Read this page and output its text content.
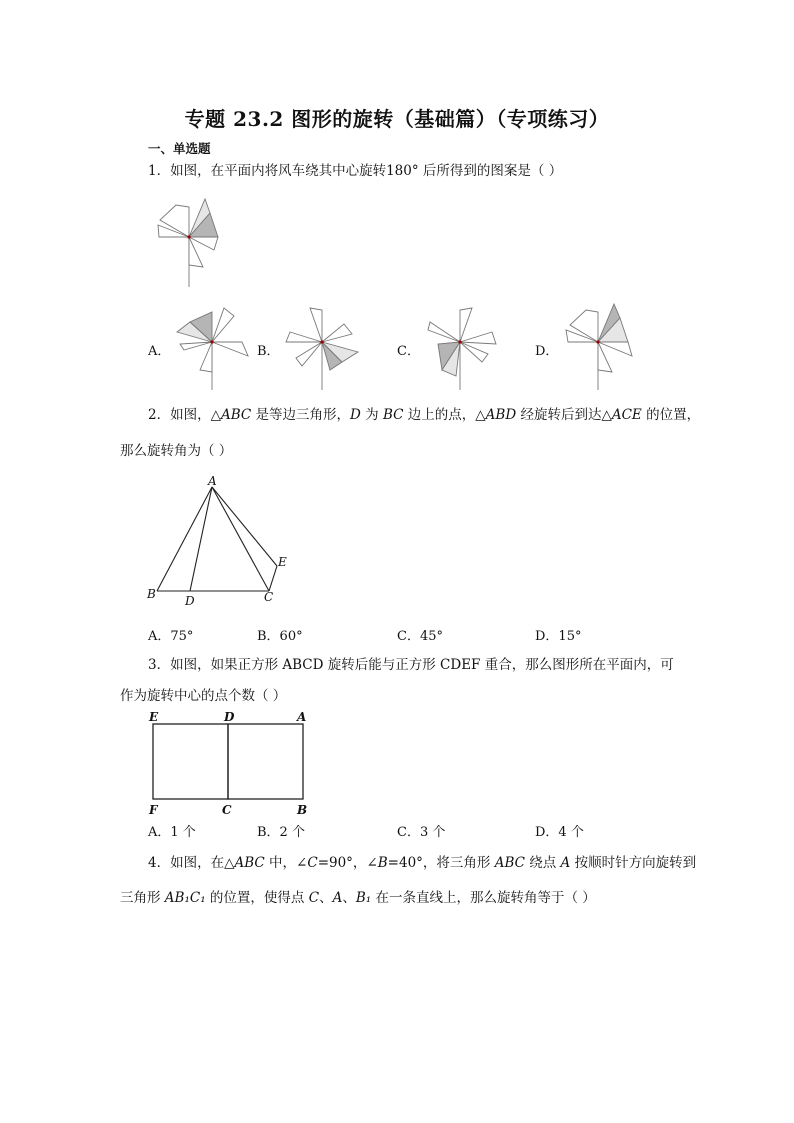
专题 23.2 图形的旋转（基础篇）（专项练习）
一、单选题
1．如图，在平面内将风车绕其中心旋转180° 后所得到的图案是（ ）
A．	B．	C．	D．
2．如图，△ABC 是等边三角形，D 为 BC 边上的点，△ABD 经旋转后到达△ACE 的位置，
那么旋转角为（ ）
A
B D	C
E
A．75°	B．60°	C．45°	D．15°
3．如图，如果正方形 ABCD 旋转后能与正方形 CDEF 重合，那么图形所在平面内，可
作为旋转中心的点个数（ ）
E	D	A
F	C	B
A．1 个	B．2 个	C．3 个	D．4 个
4．如图，在△ABC 中，∠C=90°，∠B=40°，将三角形 ABC 绕点 A 按顺时针方向旋转到
三角形 AB₁C₁ 的位置，使得点 C、A、B₁ 在一条直线上，那么旋转角等于（ ）
